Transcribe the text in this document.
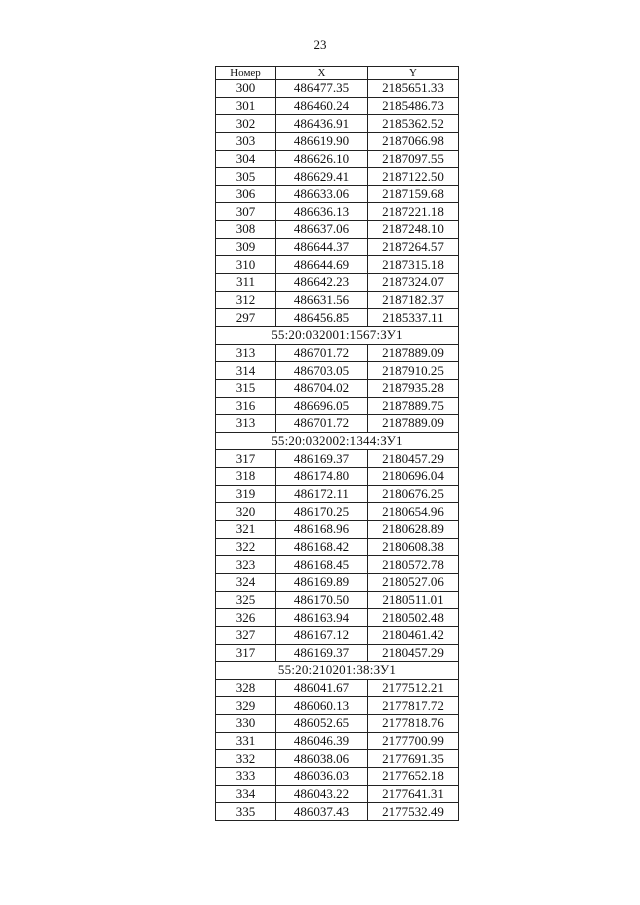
23
Номер	X	Y
300	486477.35	2185651.33
301	486460.24	2185486.73
302	486436.91	2185362.52
303	486619.90	2187066.98
304	486626.10	2187097.55
305	486629.41	2187122.50
306	486633.06	2187159.68
307	486636.13	2187221.18
308	486637.06	2187248.10
309	486644.37	2187264.57
310	486644.69	2187315.18
311	486642.23	2187324.07
312	486631.56	2187182.37
297	486456.85	2185337.11
55:20:032001:1567:ЗУ1		
313	486701.72	2187889.09
314	486703.05	2187910.25
315	486704.02	2187935.28
316	486696.05	2187889.75
313	486701.72	2187889.09
55:20:032002:1344:ЗУ1		
317	486169.37	2180457.29
318	486174.80	2180696.04
319	486172.11	2180676.25
320	486170.25	2180654.96
321	486168.96	2180628.89
322	486168.42	2180608.38
323	486168.45	2180572.78
324	486169.89	2180527.06
325	486170.50	2180511.01
326	486163.94	2180502.48
327	486167.12	2180461.42
317	486169.37	2180457.29
55:20:210201:38:ЗУ1		
328	486041.67	2177512.21
329	486060.13	2177817.72
330	486052.65	2177818.76
331	486046.39	2177700.99
332	486038.06	2177691.35
333	486036.03	2177652.18
334	486043.22	2177641.31
335	486037.43	2177532.49
